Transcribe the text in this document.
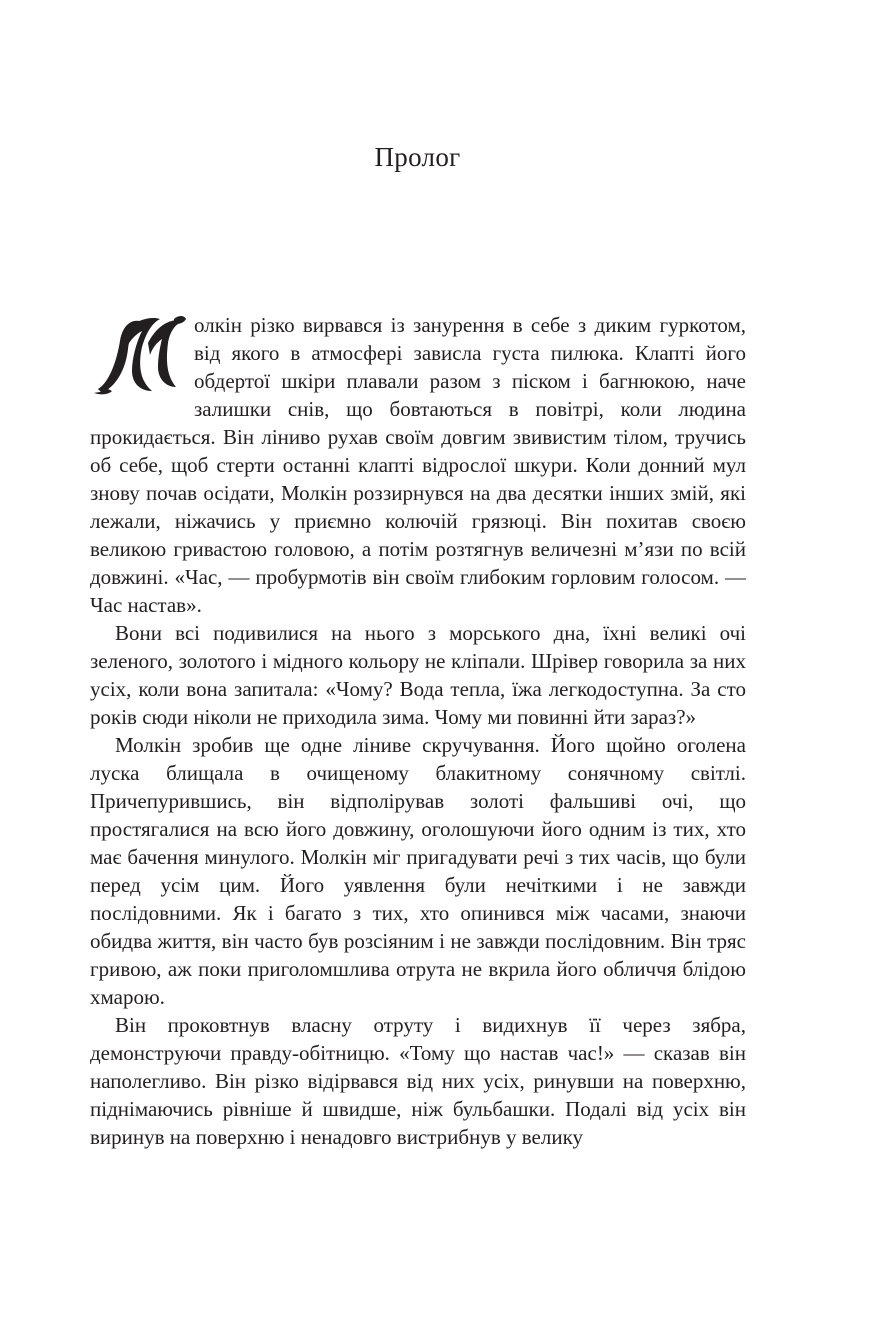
Пролог

олкін різко вирвався із занурення в себе з диким гуркотом, від якого в атмосфері зависла густа пилюка. Клапті його обдертої шкіри плавали разом з піском і багнюкою, наче залишки снів, що бовтаються в повітрі, коли людина прокидається. Він ліниво рухав своїм довгим звивистим тілом, тручись об себе, щоб стерти останні клапті відрослої шкури. Коли донний мул знову почав осідати, Молкін роззирнувся на два десятки інших змій, які лежали, ніжачись у приємно колючій грязюці. Він похитав своєю великою гривастою головою, а потім розтягнув величезні м’язи по всій довжині. «Час, — пробурмотів він своїм глибоким горловим голосом. — Час настав».

Вони всі подивилися на нього з морського дна, їхні великі очі зеленого, золотого і мідного кольору не кліпали. Шрівер говорила за них усіх, коли вона запитала: «Чому? Вода тепла, їжа легкодоступна. За сто років сюди ніколи не приходила зима. Чому ми повинні йти зараз?»

Молкін зробив ще одне ліниве скручування. Його щойно оголена луска блищала в очищеному блакитному сонячному світлі. Причепурившись, він відполірував золоті фальшиві очі, що простягалися на всю його довжину, оголошуючи його одним із тих, хто має бачення минулого. Молкін міг пригадувати речі з тих часів, що були перед усім цим. Його уявлення були нечіткими і не завжди послідовними. Як і багато з тих, хто опинився між часами, знаючи обидва життя, він часто був розсіяним і не завжди послідовним. Він тряс гривою, аж поки приголомшлива отрута не вкрила його обличчя блідою хмарою.

Він проковтнув власну отруту і видихнув її через зябра, демонструючи правду-обітницю. «Тому що настав час!» — сказав він наполегливо. Він різко відірвався від них усіх, ринувши на поверхню, піднімаючись рівніше й швидше, ніж бульбашки. Подалі від усіх він виринув на поверхню і ненадовго вистрибнув у велику
